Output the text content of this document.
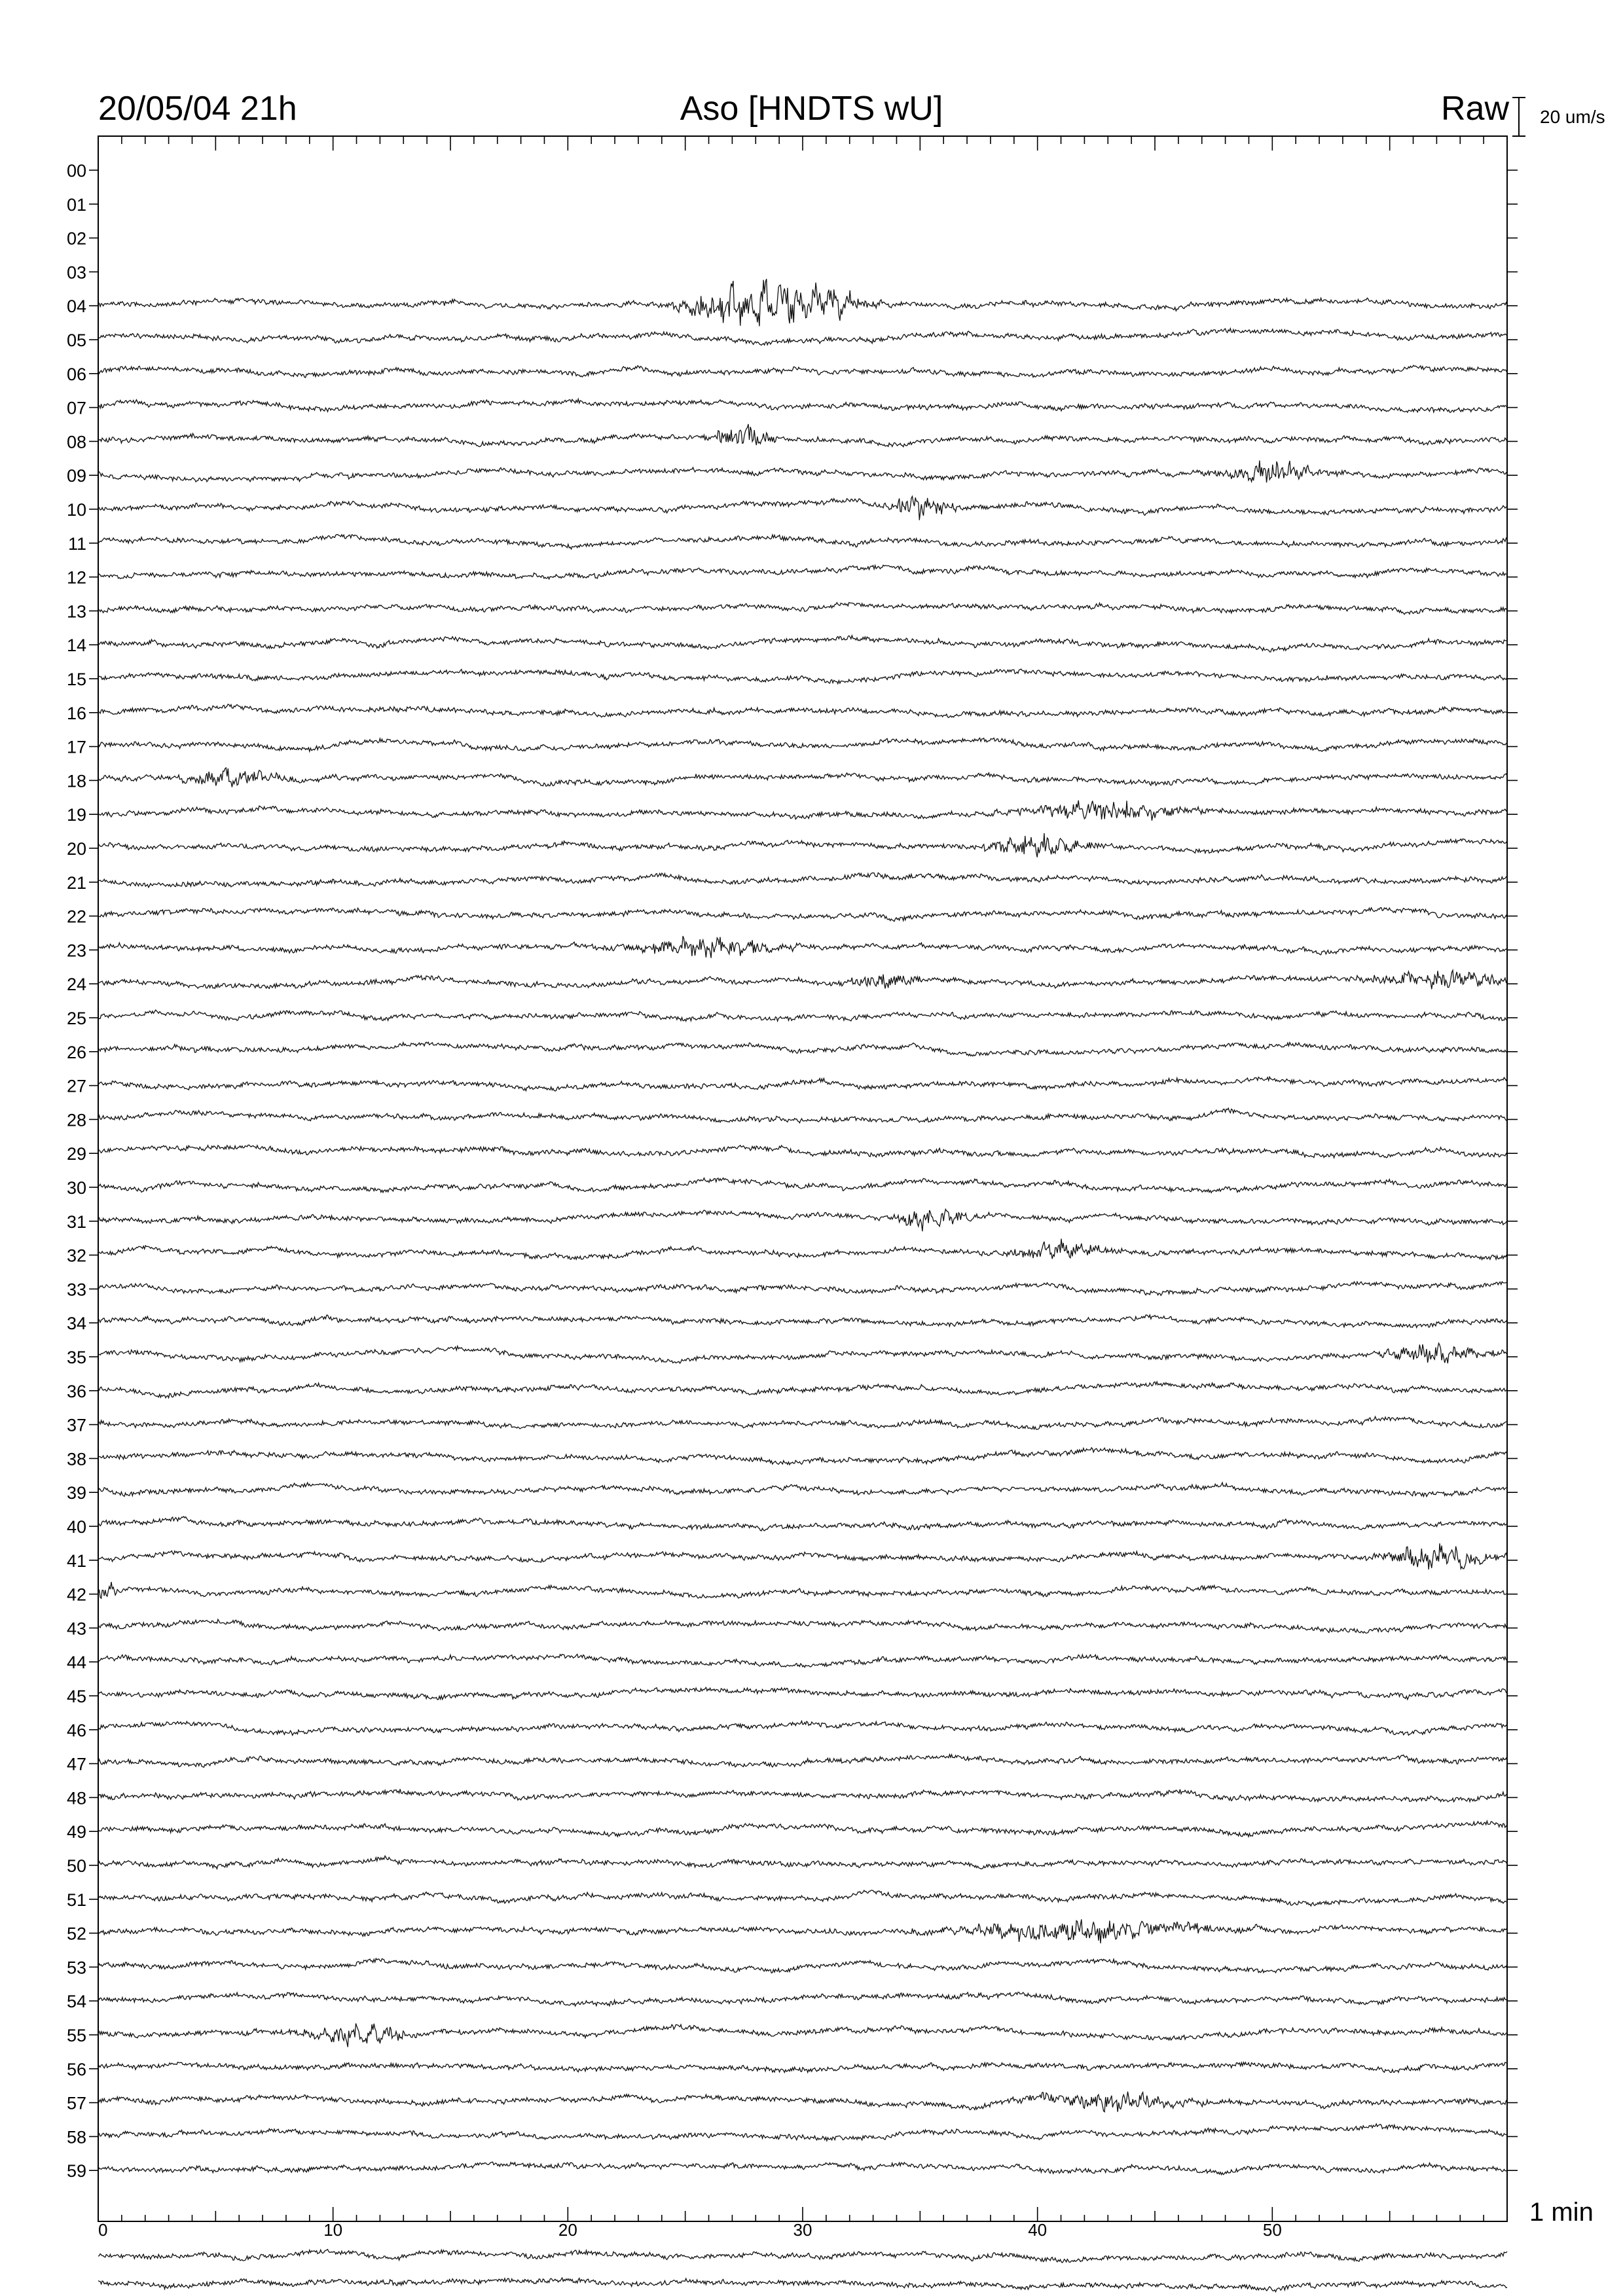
20/05/04 21h	Aso [HNDTS wU]	Raw 20 um/s
0	10	20	30	40	50
00
01
02
03
04
05
06
07
08
09
10
11
12
13
14
15
16
17
18
19
20
21
22
23
24
25
26
27
28
29
30
31
32
33
34
35
36
37
38
39
40
41
42
43
44
45
46
47
48
49
50
51
52
53
54
55
56
57
58
59
1 min
